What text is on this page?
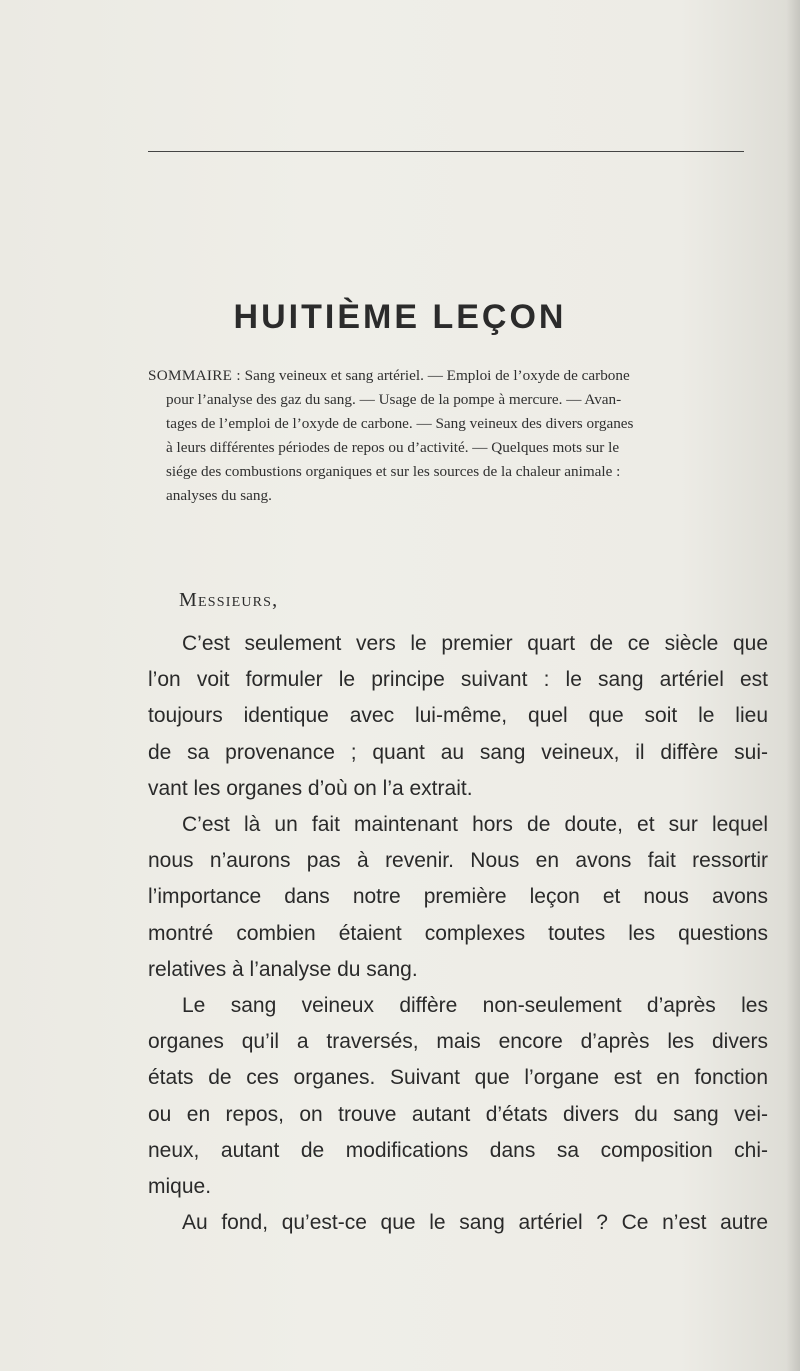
HUITIÈME LEÇON
SOMMAIRE : Sang veineux et sang artériel. — Emploi de l’oxyde de carbone
pour l’analyse des gaz du sang. — Usage de la pompe à mercure. — Avan-
tages de l’emploi de l’oxyde de carbone. — Sang veineux des divers organes
à leurs différentes périodes de repos ou d’activité. — Quelques mots sur le
siége des combustions organiques et sur les sources de la chaleur animale :
analyses du sang.
Messieurs,
C’est seulement vers le premier quart de ce siècle que
l’on voit formuler le principe suivant : le sang artériel est
toujours identique avec lui-même, quel que soit le lieu
de sa provenance ; quant au sang veineux, il diffère sui-
vant les organes d’où on l’a extrait.
C’est là un fait maintenant hors de doute, et sur lequel
nous n’aurons pas à revenir. Nous en avons fait ressortir
l’importance dans notre première leçon et nous avons
montré combien étaient complexes toutes les questions
relatives à l’analyse du sang.
Le sang veineux diffère non-seulement d’après les
organes qu’il a traversés, mais encore d’après les divers
états de ces organes. Suivant que l’organe est en fonction
ou en repos, on trouve autant d’états divers du sang vei-
neux, autant de modifications dans sa composition chi-
mique.
Au fond, qu’est-ce que le sang artériel ? Ce n’est autre
